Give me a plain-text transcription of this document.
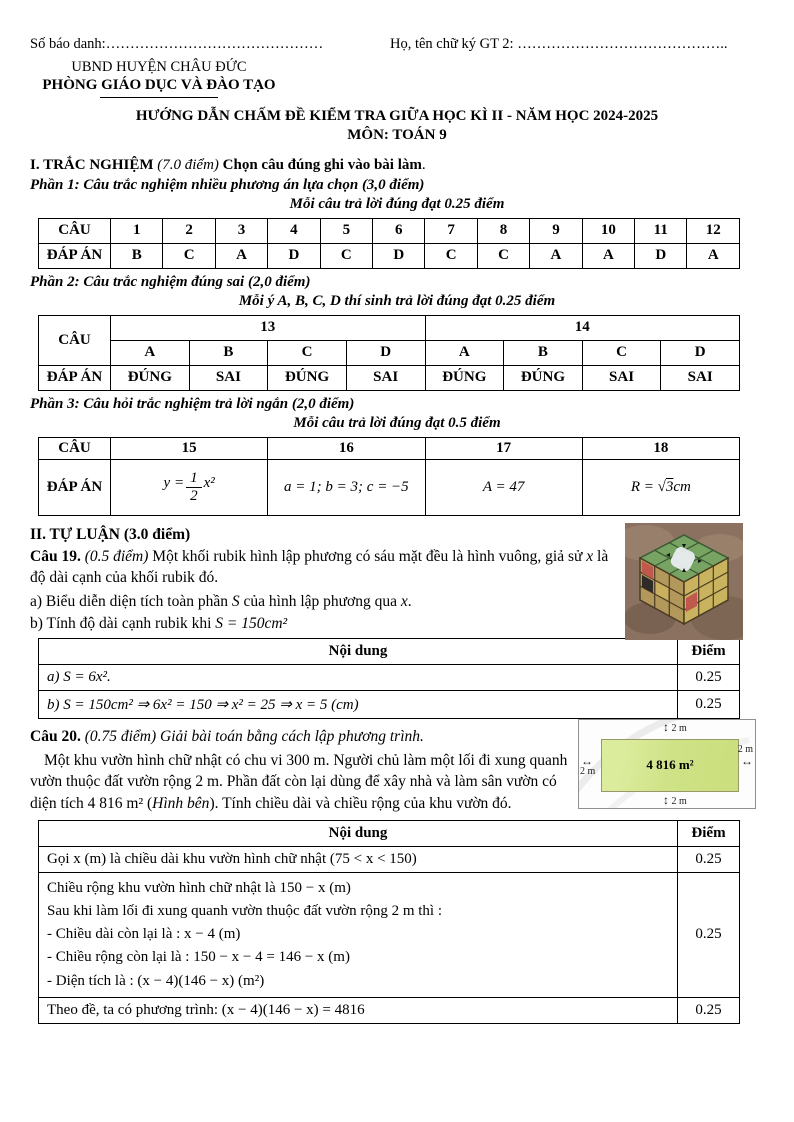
Số báo danh:………………………………………	Họ, tên chữ ký GT 2: ……………………………………..
UBND HUYỆN CHÂU ĐỨC
PHÒNG GIÁO DỤC VÀ ĐÀO TẠO
HƯỚNG DẪN CHẤM ĐỀ KIỂM TRA GIỮA HỌC KÌ II - NĂM HỌC 2024-2025
MÔN: TOÁN 9
I. TRẮC NGHIỆM (7.0 điểm) Chọn câu đúng ghi vào bài làm.
Phần 1: Câu trắc nghiệm nhiều phương án lựa chọn (3,0 điểm)
Mỗi câu trả lời đúng đạt 0.25 điểm
CÂU	1	2	3	4	5	6	7	8	9	10	11	12
ĐÁP ÁN	B	C	A	D	C	D	C	C	A	A	D	A
Phần 2: Câu trắc nghiệm đúng sai (2,0 điểm)
Mỗi ý A, B, C, D thí sinh trả lời đúng đạt 0.25 điểm
CÂU	13				14			
	A	B	C	D	A	B	C	D
ĐÁP ÁN	ĐÚNG	SAI	ĐÚNG	SAI	ĐÚNG	ĐÚNG	SAI	SAI
Phần 3: Câu hỏi trắc nghiệm trả lời ngắn (2,0 điểm)
Mỗi câu trả lời đúng đạt 0.5 điểm
CÂU	15	16	17	18
ĐÁP ÁN	$y = \frac{1}{2} x^2$	a = 1; b = 3; c = −5	A = 47	R = √3cm
II. TỰ LUẬN (3.0 điểm)
Câu 19. (0.5 điểm) Một khối rubik hình lập phương có sáu mặt đều là hình vuông, giả sử x là độ dài cạnh của khối rubik đó.
a) Biểu diễn diện tích toàn phần S của hình lập phương qua x.
b) Tính độ dài cạnh rubik khi S = 150cm²
Nội dung	Điểm
a) S = 6x².	0.25
b) S = 150cm² ⇒ 6x² = 150 ⇒ x² = 25 ⇒ x = 5 (cm)	0.25
4 816 m²
↕ 2 m
↕ 2 m
↔
2 m
2 m
↔
Câu 20. (0.75 điểm) Giải bài toán bằng cách lập phương trình.
Một khu vườn hình chữ nhật có chu vi 300 m. Người chủ làm một lối đi xung quanh vườn thuộc đất vườn rộng 2 m. Phần đất còn lại dùng để xây nhà và làm sân vườn có diện tích 4 816 m² (Hình bên). Tính chiều dài và chiều rộng của khu vườn đó.
Nội dung	Điểm
Gọi x (m) là chiều dài khu vườn hình chữ nhật (75 < x < 150)	0.25

Chiều rộng khu vườn hình chữ nhật là 150 − x (m)
Sau khi làm lối đi xung quanh vườn thuộc đất vườn rộng 2 m thì :
- Chiều dài còn lại là : x − 4 (m)
- Chiều rộng còn lại là : 150 − x − 4 = 146 − x (m)
- Diện tích là : (x − 4)(146 − x) (m²)	0.25
Theo đề, ta có phương trình: (x − 4)(146 − x) = 4816	0.25
